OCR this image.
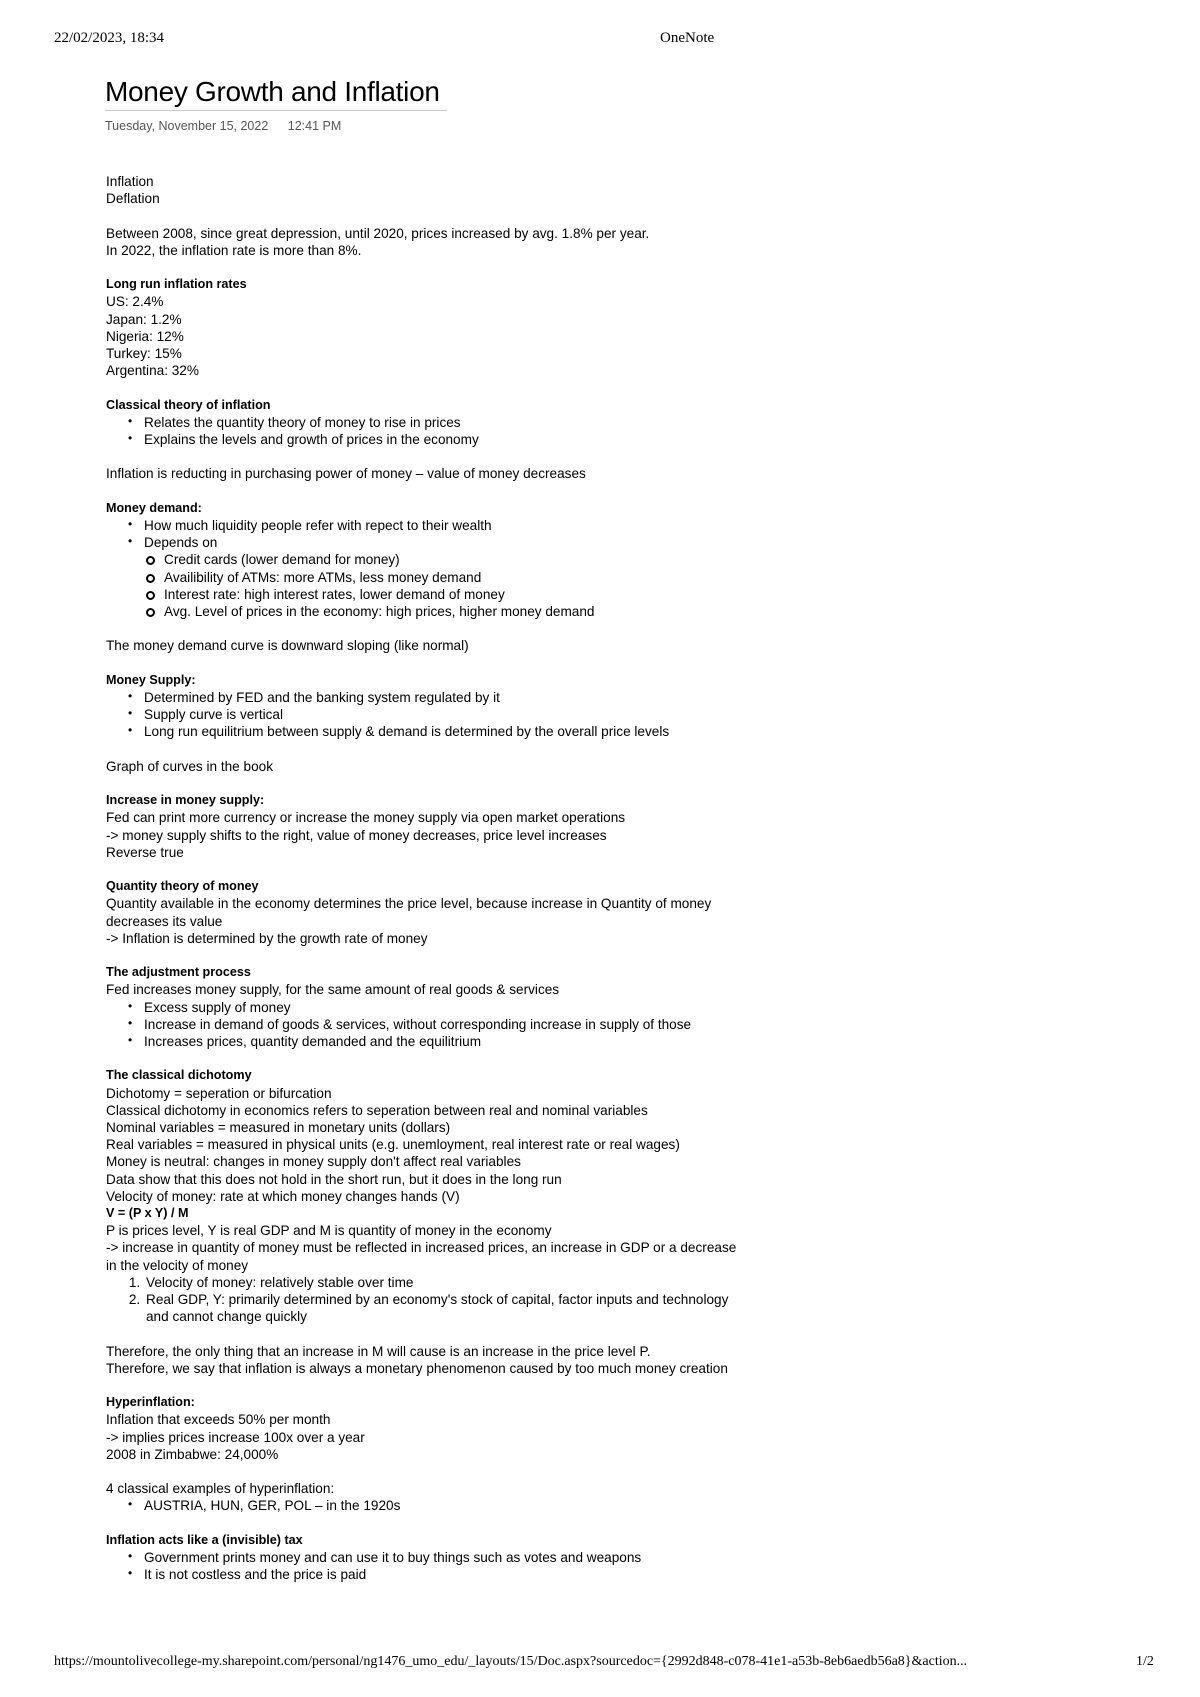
22/02/2023, 18:34	OneNote
Money Growth and Inflation
Tuesday, November 15, 2022 12:41 PM

Inflation

Deflation

Between 2008, since great depression, until 2020, prices increased by avg. 1.8% per year.

In 2022, the inflation rate is more than 8%.

Long run inflation rates

US: 2.4%

Japan: 1.2%

Nigeria: 12%

Turkey: 15%

Argentina: 32%

Classical theory of inflation

• Relates the quantity theory of money to rise in prices
• Explains the levels and growth of prices in the economy

Inflation is reducting in purchasing power of money – value of money decreases

Money demand:

• How much liquidity people refer with repect to their wealth
• Depends on
Credit cards (lower demand for money)
Availibility of ATMs: more ATMs, less money demand
Interest rate: high interest rates, lower demand of money
Avg. Level of prices in the economy: high prices, higher money demand

The money demand curve is downward sloping (like normal)

Money Supply:

• Determined by FED and the banking system regulated by it
• Supply curve is vertical
• Long run equilitrium between supply & demand is determined by the overall price levels

Graph of curves in the book

Increase in money supply:

Fed can print more currency or increase the money supply via open market operations

-> money supply shifts to the right, value of money decreases, price level increases

Reverse true

Quantity theory of money

Quantity available in the economy determines the price level, because increase in Quantity of money decreases its value

-> Inflation is determined by the growth rate of money

The adjustment process

Fed increases money supply, for the same amount of real goods & services

• Excess supply of money
• Increase in demand of goods & services, without corresponding increase in supply of those
• Increases prices, quantity demanded and the equilitrium

The classical dichotomy

Dichotomy = seperation or bifurcation

Classical dichotomy in economics refers to seperation between real and nominal variables

Nominal variables = measured in monetary units (dollars)

Real variables = measured in physical units (e.g. unemloyment, real interest rate or real wages)

Money is neutral: changes in money supply don't affect real variables

Data show that this does not hold in the short run, but it does in the long run

Velocity of money: rate at which money changes hands (V)

V = (P x Y) / M

P is prices level, Y is real GDP and M is quantity of money in the economy

-> increase in quantity of money must be reflected in increased prices, an increase in GDP or a decrease in the velocity of money

1. Velocity of money: relatively stable over time
2. Real GDP, Y: primarily determined by an economy's stock of capital, factor inputs and technology and cannot change quickly

Therefore, the only thing that an increase in M will cause is an increase in the price level P.

Therefore, we say that inflation is always a monetary phenomenon caused by too much money creation

Hyperinflation:

Inflation that exceeds 50% per month

-> implies prices increase 100x over a year

2008 in Zimbabwe: 24,000%

4 classical examples of hyperinflation:

• AUSTRIA, HUN, GER, POL – in the 1920s

Inflation acts like a (invisible) tax

• Government prints money and can use it to buy things such as votes and weapons
• It is not costless and the price is paid
https://mountolivecollege-my.sharepoint.com/personal/ng1476_umo_edu/_layouts/15/Doc.aspx?sourcedoc={2992d848-c078-41e1-a53b-8eb6aedb56a8}&action...	1/2
